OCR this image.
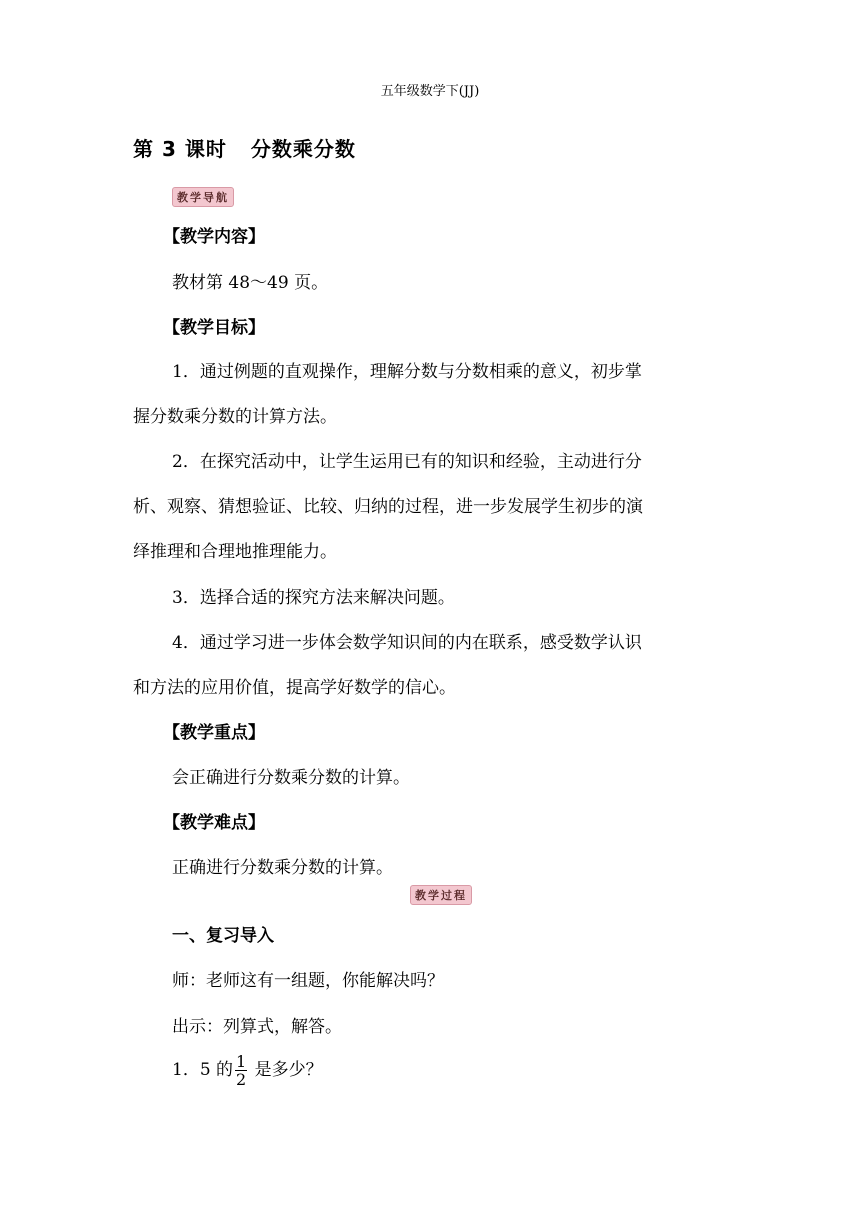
五年级数学下(JJ)
第 3 课时 分数乘分数
教学导航
【教学内容】
教材第 48～49 页。
【教学目标】
1．通过例题的直观操作，理解分数与分数相乘的意义，初步掌
握分数乘分数的计算方法。
2．在探究活动中，让学生运用已有的知识和经验，主动进行分
析、观察、猜想验证、比较、归纳的过程，进一步发展学生初步的演
绎推理和合理地推理能力。
3．选择合适的探究方法来解决问题。
4．通过学习进一步体会数学知识间的内在联系，感受数学认识
和方法的应用价值，提高学好数学的信心。
【教学重点】
会正确进行分数乘分数的计算。
【教学难点】
正确进行分数乘分数的计算。
教学过程
一、复习导入
师：老师这有一组题，你能解决吗？
出示：列算式，解答。
1．5 的 $\frac{1}{2}$ 是多少？
